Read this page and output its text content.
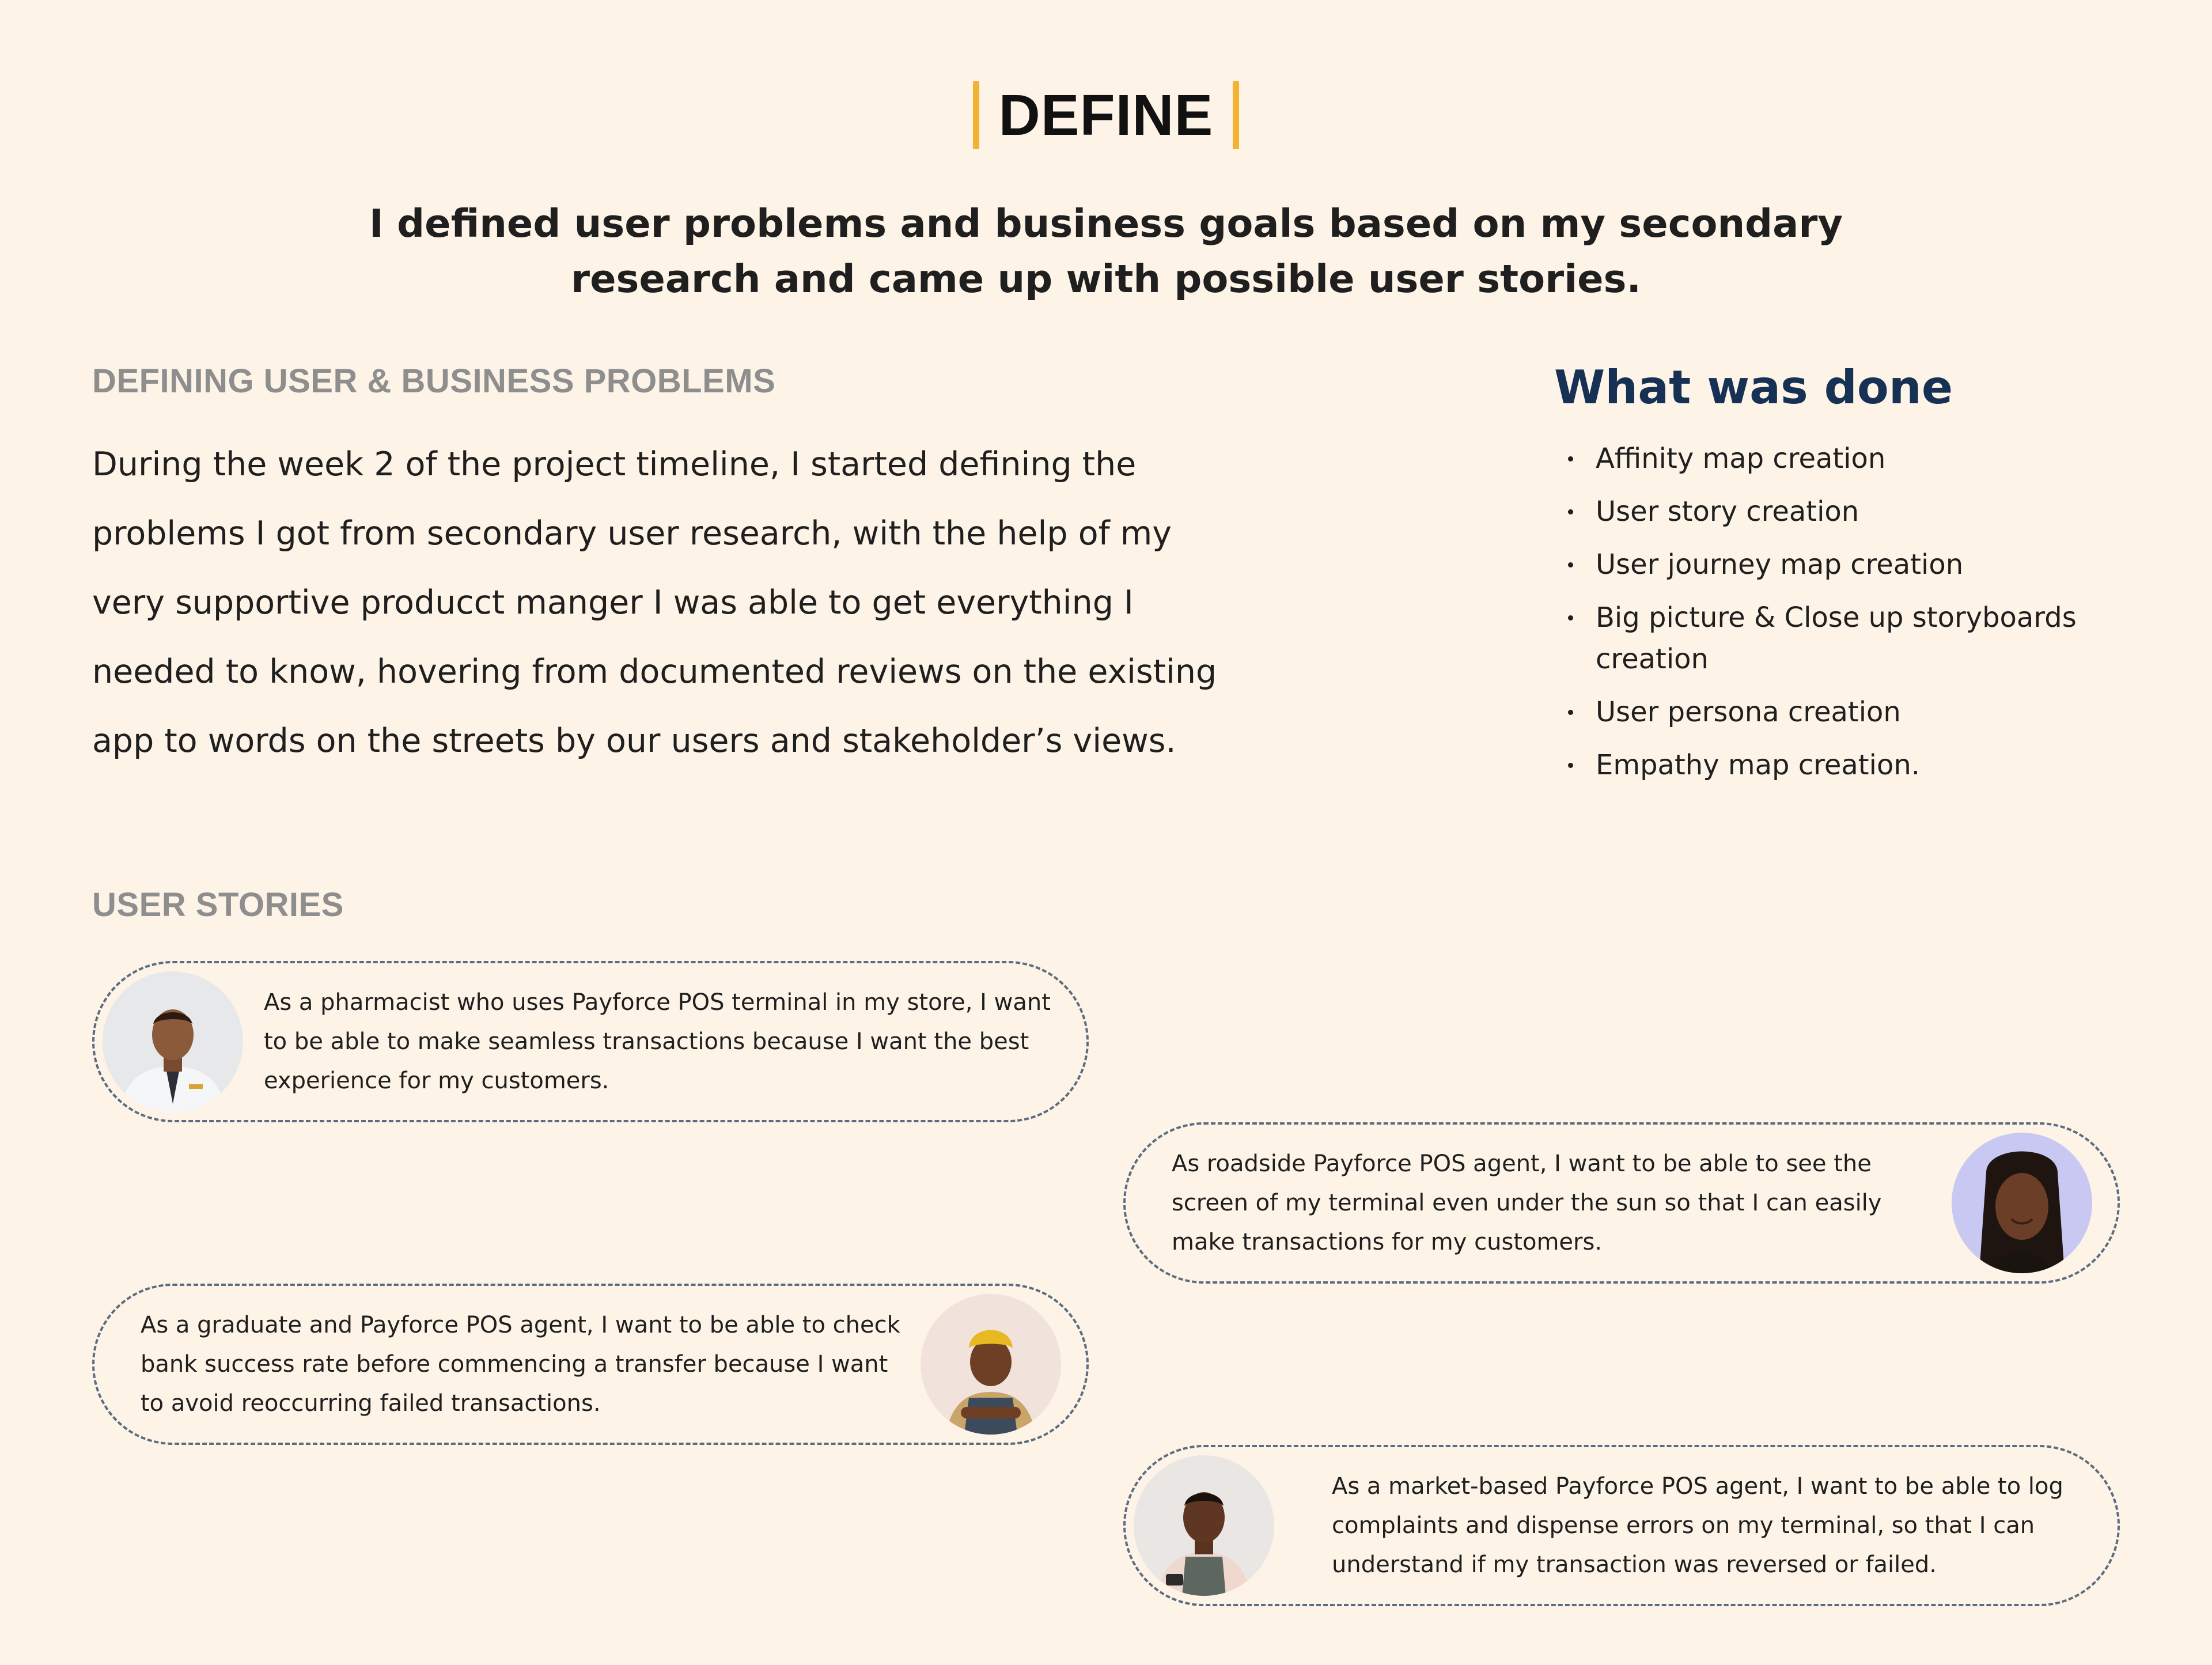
DEFINE
I defined user problems and business goals based on my secondary
research and came up with possible user stories.
DEFINING USER & BUSINESS PROBLEMS

During the week 2 of the project timeline, I started defining the problems I got from secondary user research, with the help of my very supportive producct manger I was able to get everything I needed to know, hovering from documented reviews on the existing app to words on the streets by our users and stakeholder’s views.

What was done
Affinity map creation
User story creation
User journey map creation
Big picture & Close up storyboards creation
User persona creation
Empathy map creation.
USER STORIES
As a pharmacist who uses Payforce POS terminal in my store, I want to be able to make seamless transactions because I want the best experience for my customers.
As roadside Payforce POS agent, I want to be able to see the screen of my terminal even under the sun so that I can easily make transactions for my customers.
As a graduate and Payforce POS agent, I want to be able to check bank success rate before commencing a transfer because I want to avoid reoccurring failed transactions.
As a market-based Payforce POS agent, I want to be able to log complaints and dispense errors on my terminal, so that I can understand if my transaction was reversed or failed.
